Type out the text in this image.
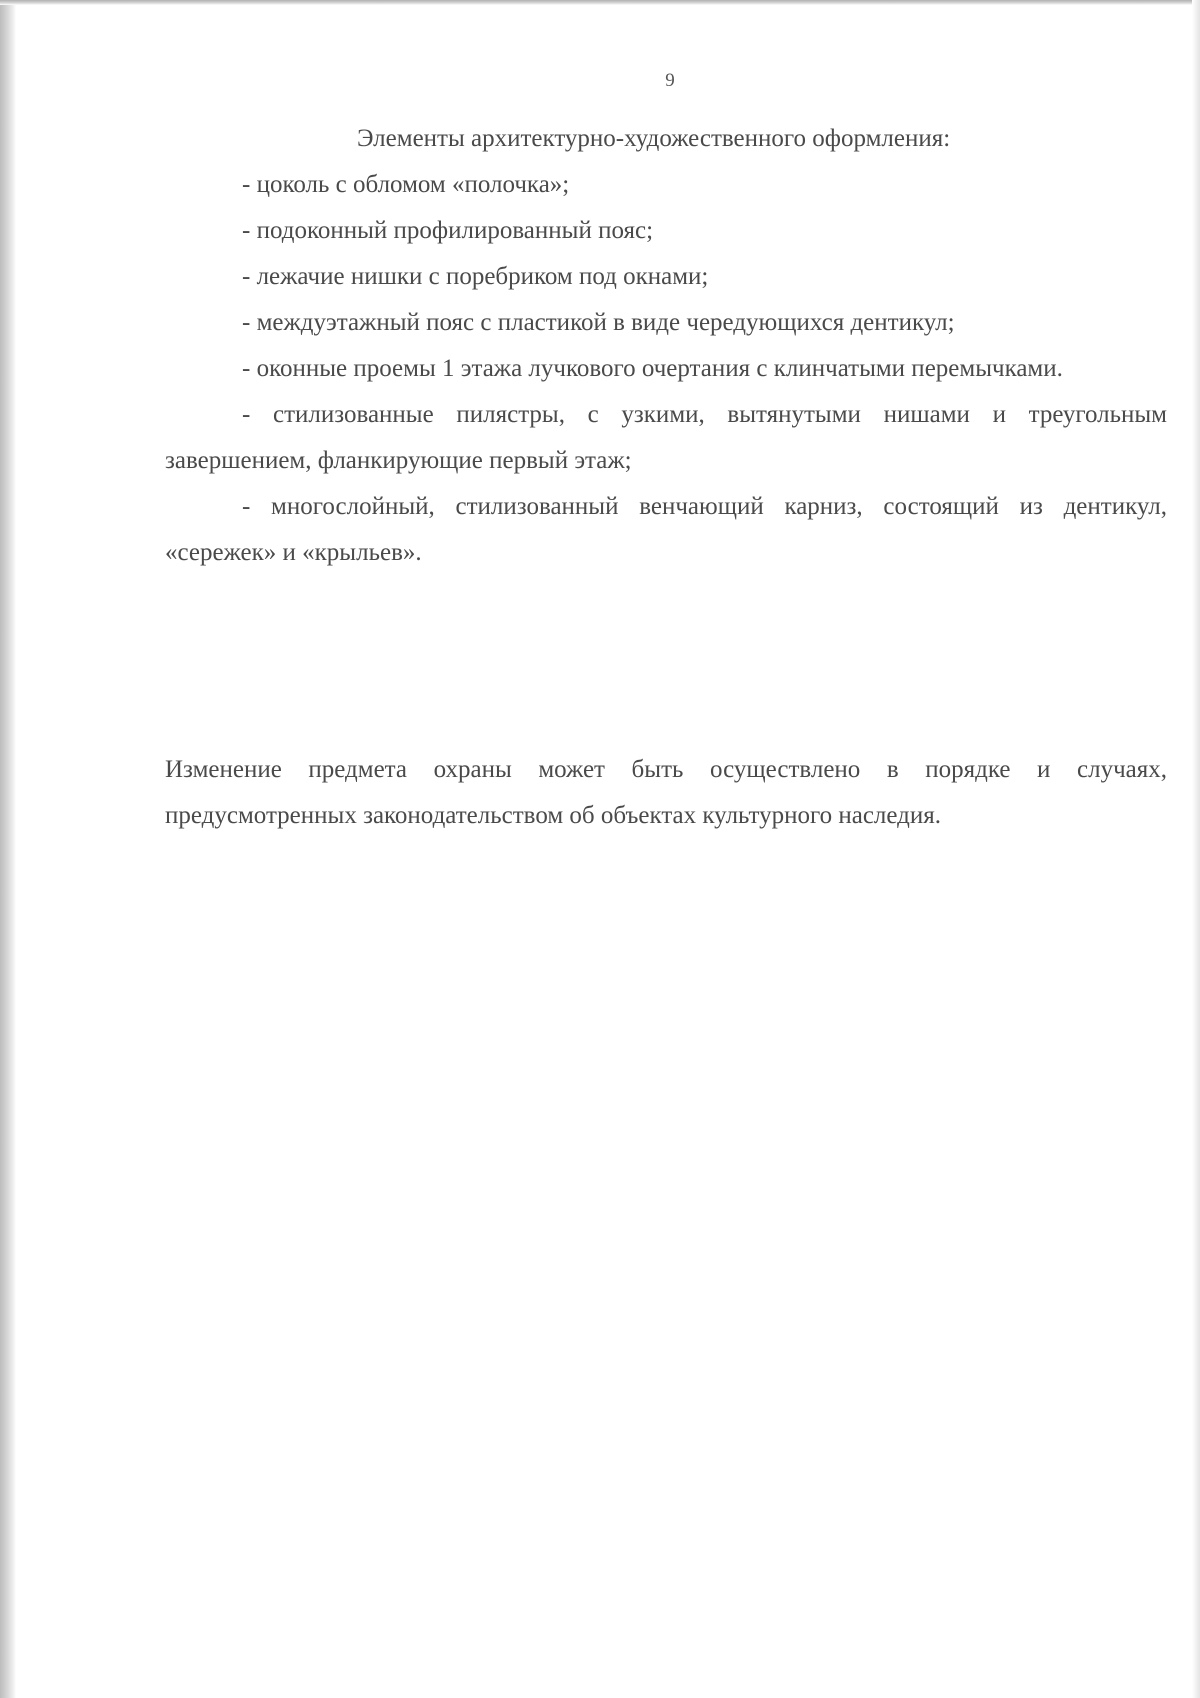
9
Элементы архитектурно-художественного оформления:

- цоколь с обломом «полочка»;

- подоконный профилированный пояс;

- лежачие нишки с поребриком под окнами;

- междуэтажный пояс с пластикой в виде чередующихся дентикул;

- оконные проемы 1 этажа лучкового очертания с клинчатыми перемычками.

- стилизованные пилястры, с узкими, вытянутыми нишами и треугольным завершением, фланкирующие первый этаж;

- многослойный, стилизованный венчающий карниз, состоящий из дентикул, «сережек» и «крыльев».

Изменение предмета охраны может быть осуществлено в порядке и случаях, предусмотренных законодательством об объектах культурного наследия.
